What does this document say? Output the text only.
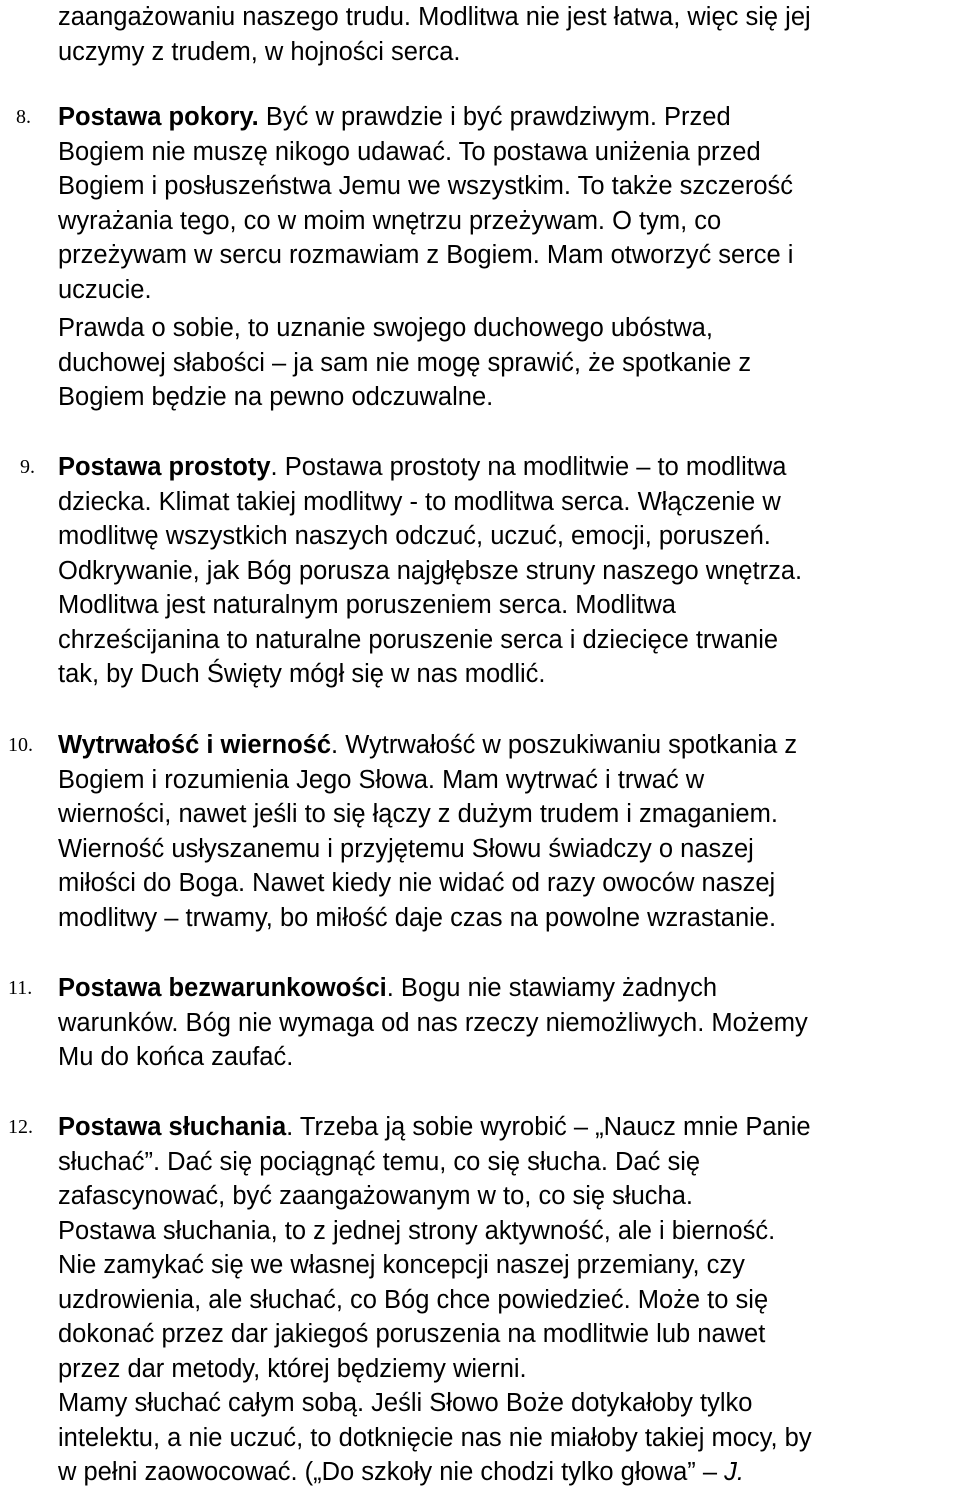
zaangażowaniu naszego trudu. Modlitwa nie jest łatwa, więc się jej
uczymy z trudem, w hojności serca.
8. Postawa pokory. Być w prawdzie i być prawdziwym. Przed
Bogiem nie muszę nikogo udawać. To postawa uniżenia przed
Bogiem i posłuszeństwa Jemu we wszystkim. To także szczerość
wyrażania tego, co w moim wnętrzu przeżywam. O tym, co
przeżywam w sercu rozmawiam z Bogiem. Mam otworzyć serce i
uczucie.
Prawda o sobie, to uznanie swojego duchowego ubóstwa,
duchowej słabości – ja sam nie mogę sprawić, że spotkanie z
Bogiem będzie na pewno odczuwalne.
9. Postawa prostoty. Postawa prostoty na modlitwie – to modlitwa
dziecka. Klimat takiej modlitwy - to modlitwa serca. Włączenie w
modlitwę wszystkich naszych odczuć, uczuć, emocji, poruszeń.
Odkrywanie, jak Bóg porusza najgłębsze struny naszego wnętrza.
Modlitwa jest naturalnym poruszeniem serca. Modlitwa
chrześcijanina to naturalne poruszenie serca i dziecięce trwanie
tak, by Duch Święty mógł się w nas modlić.
10. Wytrwałość i wierność. Wytrwałość w poszukiwaniu spotkania z
Bogiem i rozumienia Jego Słowa. Mam wytrwać i trwać w
wierności, nawet jeśli to się łączy z dużym trudem i zmaganiem.
Wierność usłyszanemu i przyjętemu Słowu świadczy o naszej
miłości do Boga. Nawet kiedy nie widać od razy owoców naszej
modlitwy – trwamy, bo miłość daje czas na powolne wzrastanie.
11. Postawa bezwarunkowości. Bogu nie stawiamy żadnych
warunków. Bóg nie wymaga od nas rzeczy niemożliwych. Możemy
Mu do końca zaufać.
12. Postawa słuchania. Trzeba ją sobie wyrobić – „Naucz mnie Panie
słuchać”. Dać się pociągnąć temu, co się słucha. Dać się
zafascynować, być zaangażowanym w to, co się słucha.
Postawa słuchania, to z jednej strony aktywność, ale i bierność.
Nie zamykać się we własnej koncepcji naszej przemiany, czy
uzdrowienia, ale słuchać, co Bóg chce powiedzieć. Może to się
dokonać przez dar jakiegoś poruszenia na modlitwie lub nawet
przez dar metody, której będziemy wierni.
Mamy słuchać całym sobą. Jeśli Słowo Boże dotykałoby tylko
intelektu, a nie uczuć, to dotknięcie nas nie miałoby takiej mocy, by
w pełni zaowocować. („Do szkoły nie chodzi tylko głowa” – J.
